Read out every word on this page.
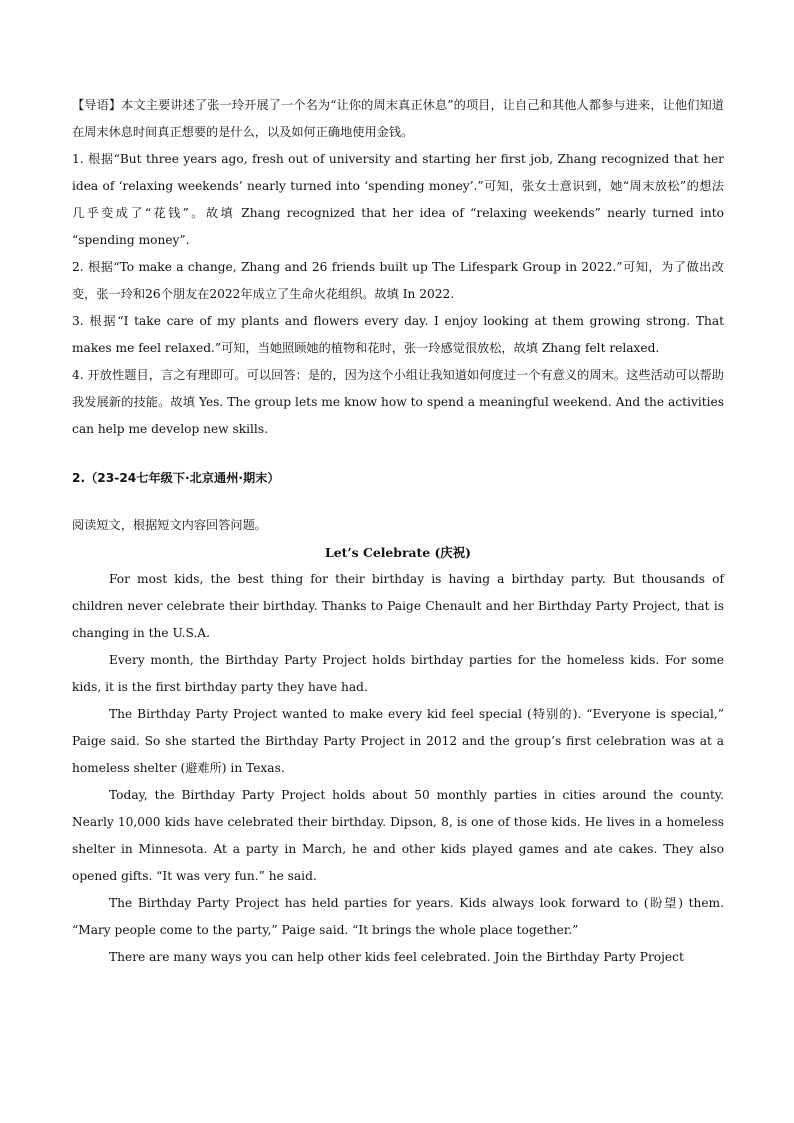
【导语】本文主要讲述了张一玲开展了一个名为“让你的周末真正休息”的项目，让自己和其他人都参与进来，让他们知道在周末休息时间真正想要的是什么，以及如何正确地使用金钱。

1. 根据“But three years ago, fresh out of university and starting her first job, Zhang recognized that her idea of ‘relaxing weekends’ nearly turned into ‘spending money’.”可知，张女士意识到，她“周末放松”的想法几乎变成了“花钱”。故填 Zhang recognized that her idea of “relaxing weekends” nearly turned into “spending money”.

2. 根据“To make a change, Zhang and 26 friends built up The Lifespark Group in 2022.”可知，为了做出改变，张一玲和26个朋友在2022年成立了生命火花组织。故填 In 2022.

3. 根据“I take care of my plants and flowers every day. I enjoy looking at them growing strong. That makes me feel relaxed.”可知，当她照顾她的植物和花时，张一玲感觉很放松，故填 Zhang felt relaxed.

4. 开放性题目，言之有理即可。可以回答：是的，因为这个小组让我知道如何度过一个有意义的周末。这些活动可以帮助我发展新的技能。故填 Yes. The group lets me know how to spend a meaningful weekend. And the activities can help me develop new skills.

2.（23-24七年级下·北京通州·期末）

阅读短文，根据短文内容回答问题。

Let’s Celebrate (庆祝)

For most kids, the best thing for their birthday is having a birthday party. But thousands of children never celebrate their birthday. Thanks to Paige Chenault and her Birthday Party Project, that is changing in the U.S.A.

Every month, the Birthday Party Project holds birthday parties for the homeless kids. For some kids, it is the first birthday party they have had.

The Birthday Party Project wanted to make every kid feel special (特别的). “Everyone is special,” Paige said. So she started the Birthday Party Project in 2012 and the group’s first celebration was at a homeless shelter (避难所) in Texas.

Today, the Birthday Party Project holds about 50 monthly parties in cities around the county. Nearly 10,000 kids have celebrated their birthday. Dipson, 8, is one of those kids. He lives in a homeless shelter in Minnesota. At a party in March, he and other kids played games and ate cakes. They also opened gifts. “It was very fun.” he said.

The Birthday Party Project has held parties for years. Kids always look forward to (盼望) them. “Mary people come to the party,” Paige said. “It brings the whole place together.”

There are many ways you can help other kids feel celebrated. Join the Birthday Party Project
